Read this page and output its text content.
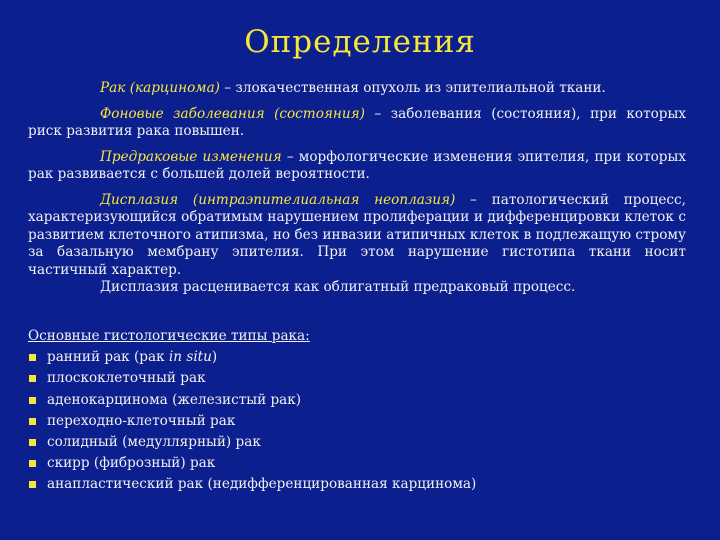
Определения

Рак (карцинома) – злокачественная опухоль из эпителиальной ткани.

Фоновые заболевания (состояния) – заболевания (состояния), при которых риск развития рака повышен.

Предраковые изменения – морфологические изменения эпителия, при которых рак развивается с большей долей вероятности.

Дисплазия (интраэпителиальная неоплазия) – патологический процесс, характеризующийся обратимым нарушением пролиферации и дифференцировки клеток с развитием клеточного атипизма, но без инвазии атипичных клеток в подлежащую строму за базальную мембрану эпителия. При этом нарушение гистотипа ткани носит частичный характер.

Дисплазия расценивается как облигатный предраковый процесс.

Основные гистологические типы рака:

ранний рак (рак in situ)
плоскоклеточный рак
аденокарцинома (железистый рак)
переходно-клеточный рак
солидный (медуллярный) рак
скирр (фиброзный) рак
анапластический рак (недифференцированная карцинома)
